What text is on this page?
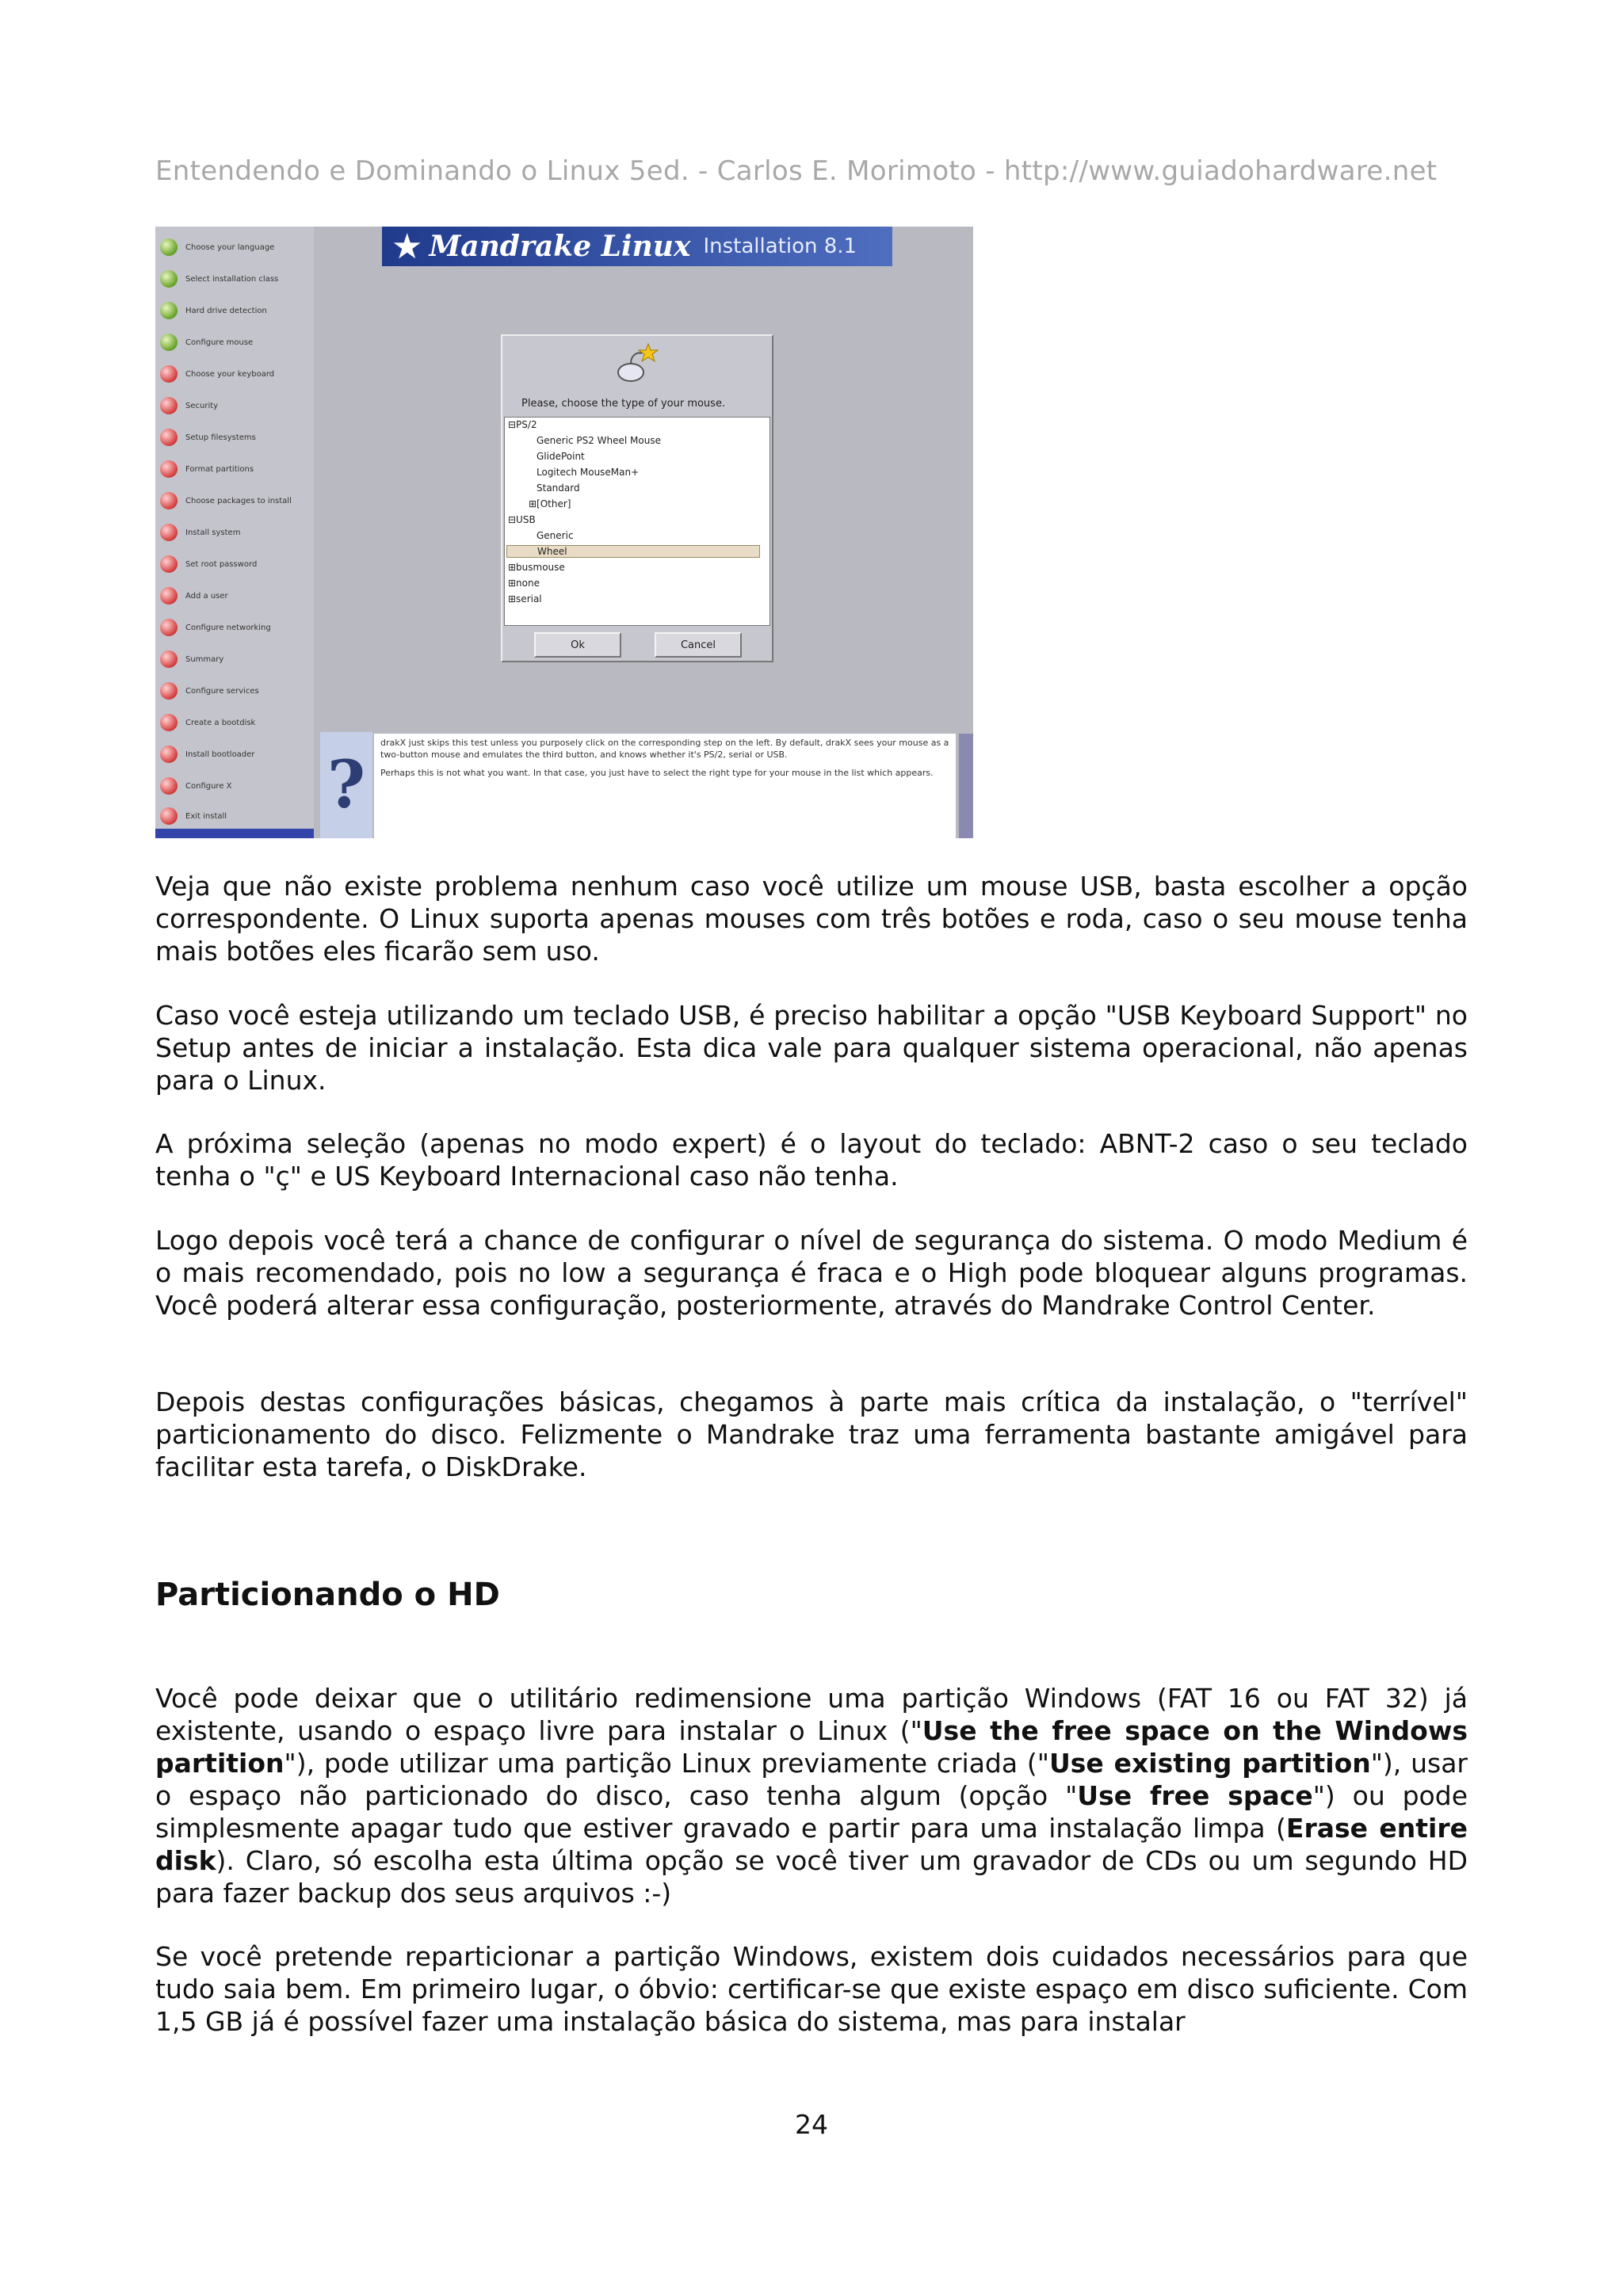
Entendendo e Dominando o Linux 5ed. - Carlos E. Morimoto - http://www.guiadohardware.net
Choose your language
Select installation class
Hard drive detection
Configure mouse
Choose your keyboard
Security
Setup filesystems
Format partitions
Choose packages to install
Install system
Set root password
Add a user
Configure networking
Summary
Configure services
Create a bootdisk
Install bootloader
Configure X
Exit install
★ Mandrake Linux Installation 8.1
Please, choose the type of your mouse.
⊟PS/2
Generic PS2 Wheel Mouse
GlidePoint
Logitech MouseMan+
Standard
⊞[Other]
⊟USB
Generic
Wheel
⊞busmouse
⊞none
⊞serial
Ok	Cancel
?
drakX just skips this test unless you purposely click on the corresponding step on the left. By default, drakX sees your mouse as a two-button mouse and emulates the third button, and knows whether it's PS/2, serial or USB.
Perhaps this is not what you want. In that case, you just have to select the right type for your mouse in the list which appears.
Veja que não existe problema nenhum caso você utilize um mouse USB, basta escolher a opção correspondente. O Linux suporta apenas mouses com três botões e roda, caso o seu mouse tenha mais botões eles ficarão sem uso.
Caso você esteja utilizando um teclado USB, é preciso habilitar a opção "USB Keyboard Support" no Setup antes de iniciar a instalação. Esta dica vale para qualquer sistema operacional, não apenas para o Linux.
A próxima seleção (apenas no modo expert) é o layout do teclado: ABNT-2 caso o seu teclado tenha o "ç" e US Keyboard Internacional caso não tenha.
Logo depois você terá a chance de configurar o nível de segurança do sistema. O modo Medium é o mais recomendado, pois no low a segurança é fraca e o High pode bloquear alguns programas. Você poderá alterar essa configuração, posteriormente, através do Mandrake Control Center.
Depois destas configurações básicas, chegamos à parte mais crítica da instalação, o "terrível" particionamento do disco. Felizmente o Mandrake traz uma ferramenta bastante amigável para facilitar esta tarefa, o DiskDrake.
Particionando o HD
Você pode deixar que o utilitário redimensione uma partição Windows (FAT 16 ou FAT 32) já existente, usando o espaço livre para instalar o Linux ("Use the free space on the Windows partition"), pode utilizar uma partição Linux previamente criada ("Use existing partition"), usar o espaço não particionado do disco, caso tenha algum (opção "Use free space") ou pode simplesmente apagar tudo que estiver gravado e partir para uma instalação limpa (Erase entire disk). Claro, só escolha esta última opção se você tiver um gravador de CDs ou um segundo HD para fazer backup dos seus arquivos :-)
Se você pretende reparticionar a partição Windows, existem dois cuidados necessários para que tudo saia bem. Em primeiro lugar, o óbvio: certificar-se que existe espaço em disco suficiente. Com 1,5 GB já é possível fazer uma instalação básica do sistema, mas para instalar
24
